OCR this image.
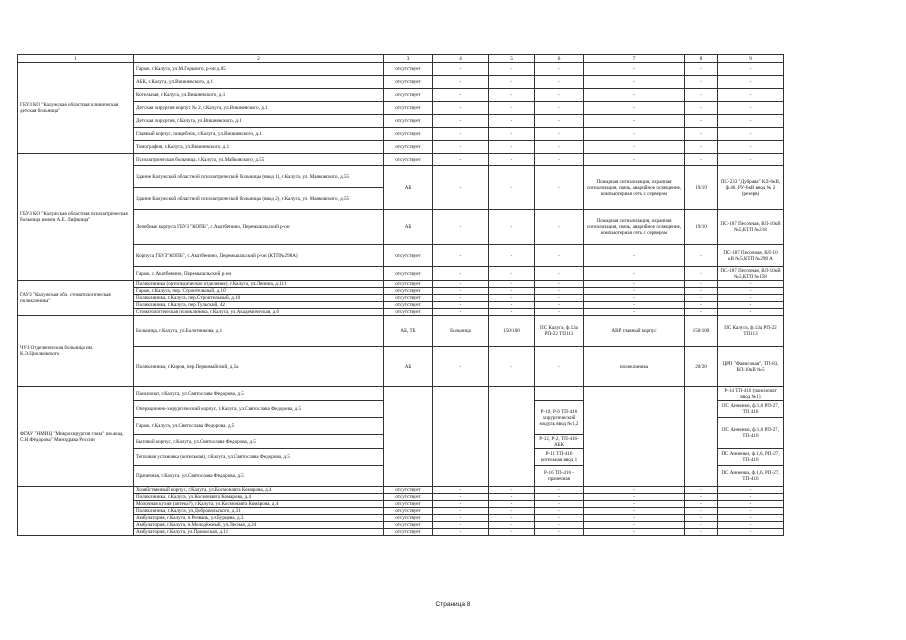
1	2	3	4	5	6	7	8	9
ГБУЗ КО "Калужская областная клиническая детская больница"	Гараж, г.Калуга, ул.М.Горького, р-он д.85	отсутствует	-	-	-	-	-	-
	АБК, г.Калуга, ул.Вишневского, д.1	отсутствует	-	-	-	-	-	-
	Котельная, г.Калуга, ул.Вишневского, д.1	отсутствует	-	-	-	-	-	-
	Детская хирургия корпус № 2, г.Калуга, ул.Вишневского, д.1	отсутствует	-	-	-	-	-	-
	Детская хирургия, г.Калуга, ул.Вишневского, д.1	отсутствует	-	-	-	-	-	-
	Главный корпус, пищеблок, г.Калуга, ул.Вишневского, д.1	отсутствует	-	-	-	-	-	-
	Томографня, г.Калуга, ул.Вишневского, д.1	отсутствует	-	-	-	-	-	-
ГБУЗ КО "Калужская областная психиатрическая больница имени А.Е. Лифшица"	Психиатрическая больница, г.Калуга, ул.Майковского, д.55	отсутствует	-	-	-	-	-	-
	Здание Калужской областной психиатрической больницы (ввод 1), г.Калуга, ул. Маяковского, д.55	АБ	-	-	-	Пожарная сигнализация, охранная сигнализация, связь, аварийное освещение, компьютерная сеть с сервером	19/19	ПС-233 "Дубрава" КЛ-6кВ, ф.46, РУ-6кВ ввод № 2 (резерв)
	Здание Калужской областной психиатрической больницы (ввод 2), г.Калуга, ул. Маяковского, д.55							
	Лечебные корпуса ГБУЗ "КОПБ", с.Акатбенино, Перемышльский р-он	АБ	-	-	-	Пожарная сигнализация, охранная сигнализация, связь, аварийное освещение, компьютерная сеть с сервером	19/10	ПС-187 Песочная, ВЛ-10кВ №5,КТП №218
	Корпуса ГБУЗ"КОПБ", с.Акатбенино, Перемышльский р-он (КТП№298А)	отсутствует	-	-	-	-	-	ПС-187 Песочная, ВЛ-10 кВ №5,КТП №298 А
	Гараж, с.Акатбенино, Перемышльский р-он	отсутствует	-	-	-	-	-	ПС-187 Песочная, ВЛ-10кВ №5,КТП №158
ГАУЗ "Калужская обл. стоматологическая поликлиника"	Поликлиника (ортопедическое отделение), г.Калуга, ул.Ленина, д.111	отсутствует	-	-	-	-	-	-
	Гараж, г.Калуга, пер. Строительный, д.10	отсутствует	-	-	-	-	-	-
	Поликлиника, г.Калуга, пер.Строительный, д.10	отсутствует	-	-	-	-	-	-
	Поликлиника, г.Калуга, пер.Тульский, 42	отсутствует	-	-	-	-	-	-
	Стоматологическая поликлиника, г.Калуга, ул.Академическая, д.6	отсутствует	-	-	-	-	-	-
ЧУЗ Отделенческая больница им. К.Э.Циолковского	Больница, г.Калуга, ул.Болотникова, д.1	АБ, ТБ	Больница	150/100	ПС Калуга, ф.13а РП-22 ТП113	АВР главный корпус	150/100	ПС Калуга, ф.13а РП-22 ТП113
	Поликлиника, г.Киров, пер.Первомайский, д.5а	АБ	-	-	-	поликлиника	20/20	ЦРП "Фаянсовая", ТП-83, ВЛ-10кВ №5
ФГАУ "НМИЦ "Микрохирургия глаза" им.акад. С.Н.Фёдорова" Минздрава России	Пансионат, г.Калуга, ул.Святослава Федорова, д.5							Р-14 ТП-416 (пансионат ввод №1)
	Операционно-хирургический корпус, г.Калуга, ул.Святослава Федорова, д.5				Р-10, Р-6 ТП-416 хирургический модуль ввод №1,2			ПС Анненки, ф.1,6 РП-27, ТП 416
	Гараж, г.Калуга, ул.Святослава Федорова, д.5							ПС Анненки, ф.1,6 РП-27, ТП-416
	Бытовой корпус, г.Калуга, ул.Святослава Федорова, д.5				Р-12, Р-2, ТП-416-АБК			
	Тепловая установка (котельная), г.Калуга, ул.Святослава Федорова, д.5				Р-11 ТП-416 котельная ввод 1			ПС Анненки, ф.1,6, РП-27, ТП-416
	Прачечная, г.Калуга, ул.Святослава Федорова, д.5				Р-16 ТП-416 - прачечная			ПС Анненки, ф.1,6, РП-27, ТП-416
	Хозяйственный корпус, г.Калуга, ул.Космонавта Комарова, д.4	отсутствует	-	-	-	-	-	-
	Поликлиника, г.Калуга, ул.Космонавта Комарова, д.4	отсутствует	-	-	-	-	-	-
	Молочная кухня (аптека?), г.Калуга, ул.Космонавта Комарова, д.4	отсутствует	-	-	-	-	-	-
	Поликлиника, г.Калуга, ул.Добровольского, д.31	отсутствует	-	-	-	-	-	-
	Амбулатория, г.Калуга, п.Резвань, ул.Бурцева, д.3	отсутствует	-	-	-	-	-	-
	Амбулатория, г.Калуга, п.Молодёжный, ул.Лесная, д.24	отсутствует	-	-	-	-	-	-
	Амбулатория, г.Калуга, ул.Приокская, д.11	отсутствует	-	-	-	-	-	-
Страница 8
